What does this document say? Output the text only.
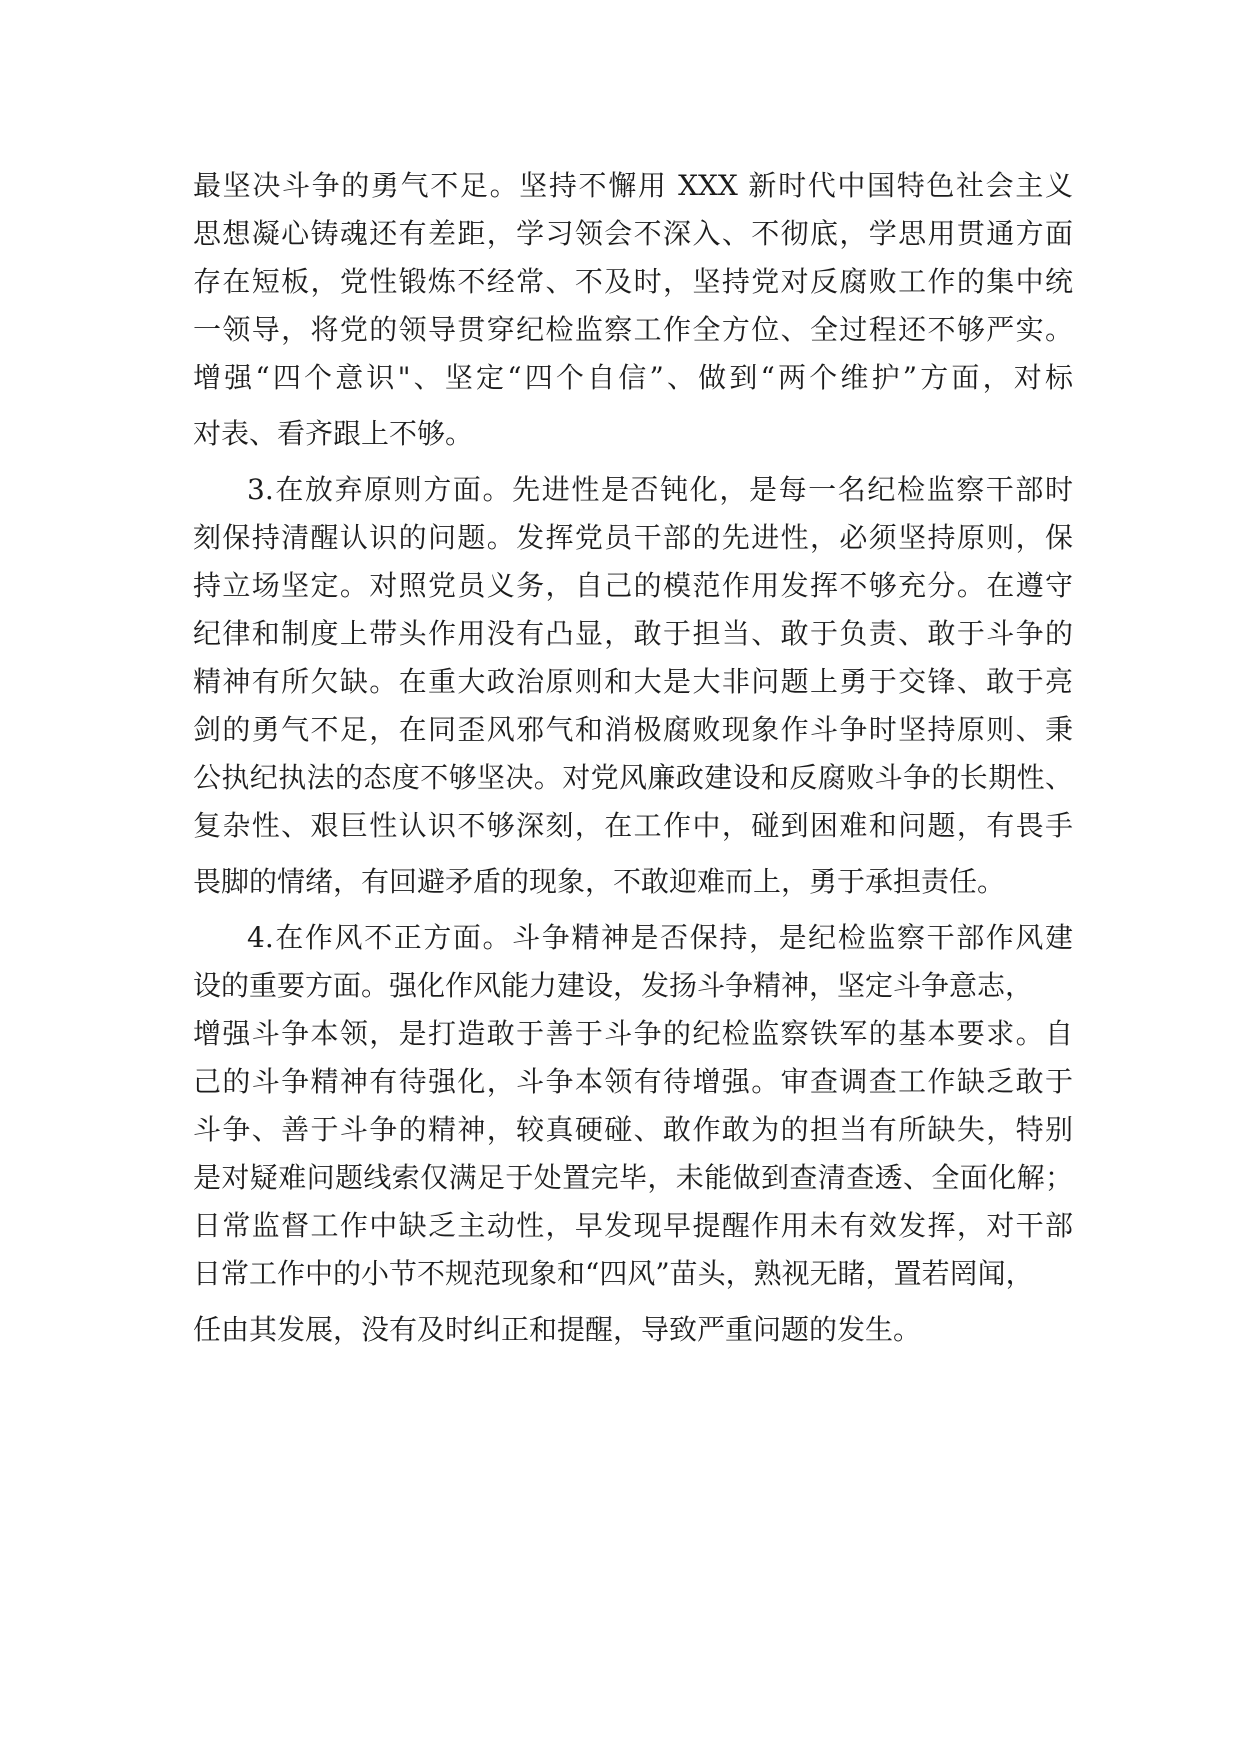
最坚决斗争的勇气不足。坚持不懈用 XXX 新时代中国特色社会主义

思想凝心铸魂还有差距，学习领会不深入、不彻底，学思用贯通方面

存在短板，党性锻炼不经常、不及时，坚持党对反腐败工作的集中统

一领导，将党的领导贯穿纪检监察工作全方位、全过程还不够严实。

增强“四个意识"、坚定“四个自信”、做到“两个维护”方面，对标

对表、看齐跟上不够。

3.在放弃原则方面。先进性是否钝化，是每一名纪检监察干部时

刻保持清醒认识的问题。发挥党员干部的先进性，必须坚持原则，保

持立场坚定。对照党员义务，自己的模范作用发挥不够充分。在遵守

纪律和制度上带头作用没有凸显，敢于担当、敢于负责、敢于斗争的

精神有所欠缺。在重大政治原则和大是大非问题上勇于交锋、敢于亮

剑的勇气不足，在同歪风邪气和消极腐败现象作斗争时坚持原则、秉

公执纪执法的态度不够坚决。对党风廉政建设和反腐败斗争的长期性、

复杂性、艰巨性认识不够深刻，在工作中，碰到困难和问题，有畏手

畏脚的情绪，有回避矛盾的现象，不敢迎难而上，勇于承担责任。

4.在作风不正方面。斗争精神是否保持，是纪检监察干部作风建

设的重要方面。强化作风能力建设，发扬斗争精神，坚定斗争意志，

增强斗争本领，是打造敢于善于斗争的纪检监察铁军的基本要求。自

己的斗争精神有待强化，斗争本领有待增强。审查调查工作缺乏敢于

斗争、善于斗争的精神，较真硬碰、敢作敢为的担当有所缺失，特别

是对疑难问题线索仅满足于处置完毕，未能做到查清查透、全面化解；

日常监督工作中缺乏主动性，早发现早提醒作用未有效发挥，对干部

日常工作中的小节不规范现象和“四风”苗头，熟视无睹，置若罔闻，

任由其发展，没有及时纠正和提醒，导致严重问题的发生。
